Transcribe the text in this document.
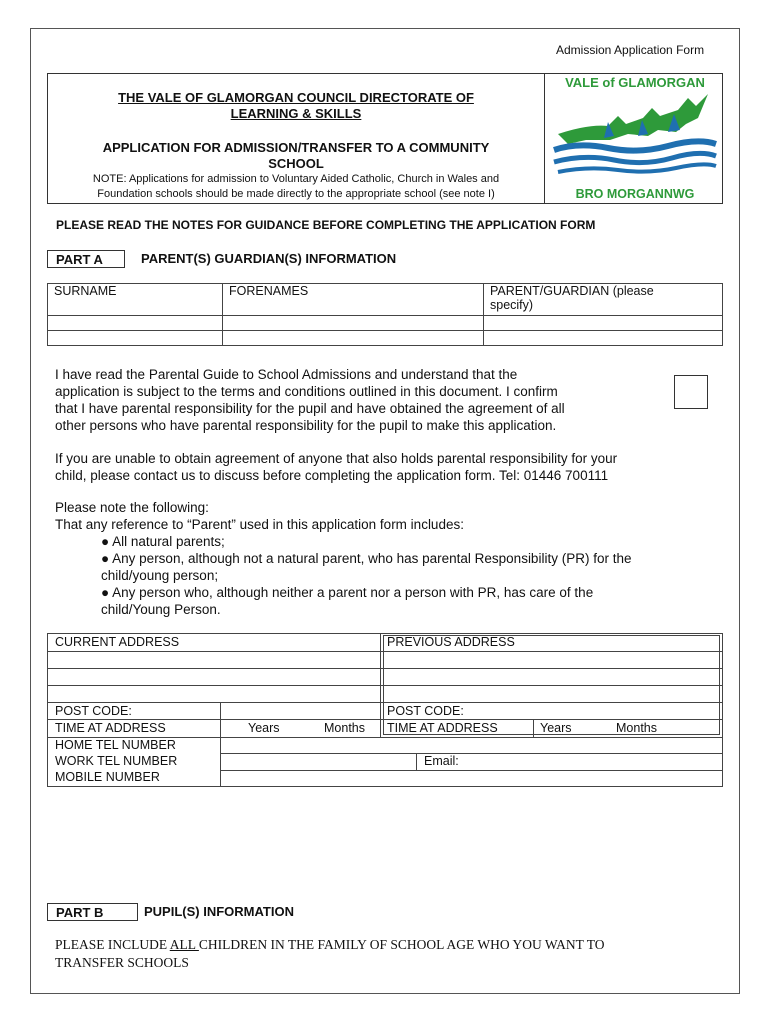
Admission Application Form
THE VALE OF GLAMORGAN COUNCIL DIRECTORATE OF
LEARNING & SKILLS
APPLICATION FOR ADMISSION/TRANSFER TO A COMMUNITY
SCHOOL
NOTE: Applications for admission to Voluntary Aided Catholic, Church in Wales and
Foundation schools should be made directly to the appropriate school (see note I)
VALE of GLAMORGAN
BRO MORGANNWG
PLEASE READ THE NOTES FOR GUIDANCE BEFORE COMPLETING THE APPLICATION FORM
PART A	PARENT(S) GUARDIAN(S) INFORMATION
SURNAME	FORENAMES	PARENT/GUARDIAN (please
specify)

I have read the Parental Guide to School Admissions and understand that the
application is subject to the terms and conditions outlined in this document. I confirm
that I have parental responsibility for the pupil and have obtained the agreement of all
other persons who have parental responsibility for the pupil to make this application.
If you are unable to obtain agreement of anyone that also holds parental responsibility for your
child, please contact us to discuss before completing the application form. Tel: 01446 700111
Please note the following:
That any reference to “Parent” used in this application form includes:
● All natural parents;
● Any person, although not a natural parent, who has parental Responsibility (PR) for the
child/young person;
● Any person who, although neither a parent nor a person with PR, has care of the
child/Young Person.
CURRENT ADDRESS	PREVIOUS ADDRESS
POST CODE:	POST CODE:
TIME AT ADDRESS	Years	Months TIME AT ADDRESS	Years	Months
HOME TEL NUMBER
WORK TEL NUMBER	Email:
MOBILE NUMBER
PART B	PUPIL(S) INFORMATION
PLEASE INCLUDE ALL CHILDREN IN THE FAMILY OF SCHOOL AGE WHO YOU WANT TO
TRANSFER SCHOOLS
